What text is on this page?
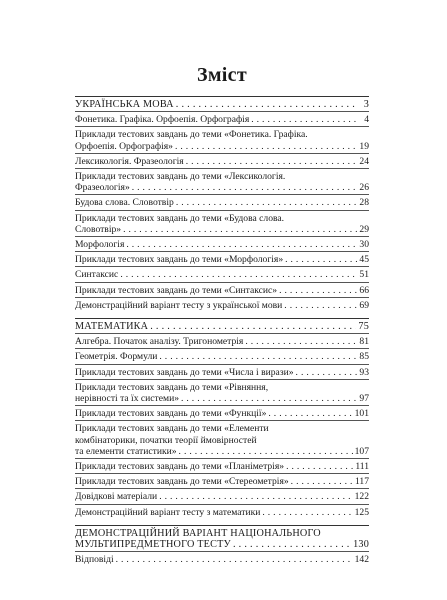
Зміст
УКРАЇНСЬКА МОВА . . .	3
Фонетика. Графіка. Орфоепія. Орфографія . . .	4
Приклади тестових завдань до теми «Фонетика. Графіка.
Орфоепія. Орфографія» . . .	19
Лексикологія. Фразеологія . . .	24
Приклади тестових завдань до теми «Лексикологія.
Фразеологія» . . .	26
Будова слова. Словотвір . . .	28
Приклади тестових завдань до теми «Будова слова.
Словотвір» . . .	29
Морфологія . . .	30
Приклади тестових завдань до теми «Морфологія» . . .	45
Синтаксис . . .	51
Приклади тестових завдань до теми «Синтаксис» . . .	66
Демонстраційний варіант тесту з української мови . . .	69
МАТЕМАТИКА . . .	75
Алгебра. Початок аналізу. Тригонометрія . . .	81
Геометрія. Формули . . .	85
Приклади тестових завдань до теми «Числа і вирази» . . .	93
Приклади тестових завдань до теми «Рівняння,
нерівності та їх системи» . . .	97
Приклади тестових завдань до теми «Функції» . . .	101
Приклади тестових завдань до теми «Елементи
комбінаторики, початки теорії ймовірностей
та елементи статистики» . . .	107
Приклади тестових завдань до теми «Планіметрія» . . .	111
Приклади тестових завдань до теми «Стереометрія» . . .	117
Довідкові матеріали . . .	122
Демонстраційний варіант тесту з математики . . .	125
ДЕМОНСТРАЦІЙНИЙ ВАРІАНТ НАЦІОНАЛЬНОГО
МУЛЬТИПРЕДМЕТНОГО ТЕСТУ . . .	130
Відповіді . . .	142
